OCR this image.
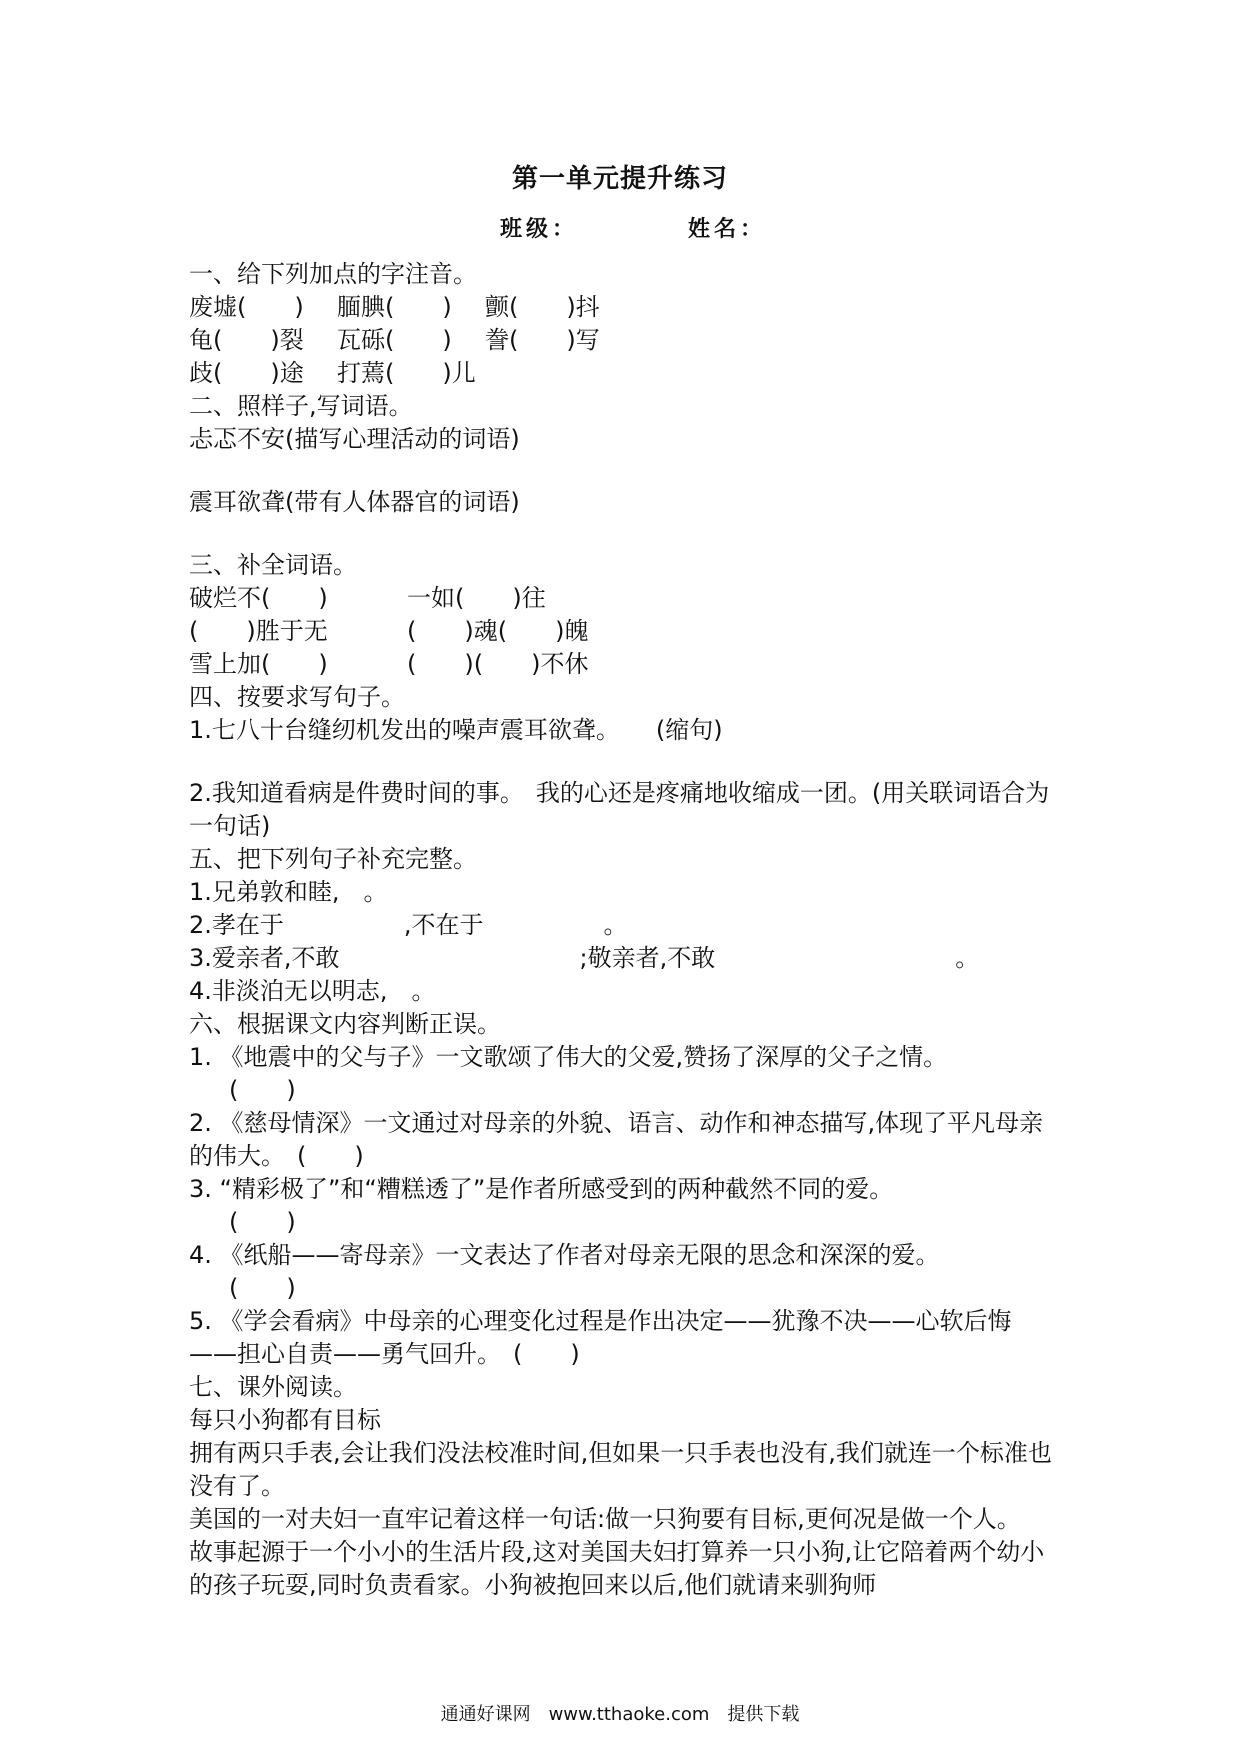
第一单元提升练习
班级：	姓名：
一、给下列加点的字注音。
废墟(　　) 腼腆(　　) 颤(　　)抖
龟(　　)裂 瓦砾(　　) 誊(　　)写
歧(　　)途 打蔫(　　)儿
二、照样子,写词语。
忐忑不安(描写心理活动的词语)
震耳欲聋(带有人体器官的词语)
三、补全词语。
破烂不(　　)	一如(　　)往
(　　)胜于无	(　　)魂(　　)魄
雪上加(　　)	(　　)(　　)不休
四、按要求写句子。
1.七八十台缝纫机发出的噪声震耳欲聋。　　(缩句)
2.我知道看病是件费时间的事。　我的心还是疼痛地收缩成一团。(用关联词语合为一句话)
五、把下列句子补充完整。
1.兄弟敦和睦,　。
2.孝在于　　　　　,不在于　　　　　。
3.爱亲者,不敢　　　　　　　　　　;敬亲者,不敢　　　　　　　　　　。
4.非淡泊无以明志,　。
六、根据课文内容判断正误。
1. 《地震中的父与子》一文歌颂了伟大的父爱,赞扬了深厚的父子之情。
(　　)
2. 《慈母情深》一文通过对母亲的外貌、语言、动作和神态描写,体现了平凡母亲的伟大。　(　　)
3. “精彩极了”和“糟糕透了”是作者所感受到的两种截然不同的爱。
(　　)
4. 《纸船——寄母亲》一文表达了作者对母亲无限的思念和深深的爱。
(　　)
5. 《学会看病》中母亲的心理变化过程是作出决定——犹豫不决——心软后悔——担心自责——勇气回升。　(　　)
七、课外阅读。
每只小狗都有目标
拥有两只手表,会让我们没法校准时间,但如果一只手表也没有,我们就连一个标准也没有了。
美国的一对夫妇一直牢记着这样一句话:做一只狗要有目标,更何况是做一个人。
故事起源于一个小小的生活片段,这对美国夫妇打算养一只小狗,让它陪着两个幼小的孩子玩耍,同时负责看家。小狗被抱回来以后,他们就请来驯狗师
通通好课网　www.tthaoke.com　提供下载
